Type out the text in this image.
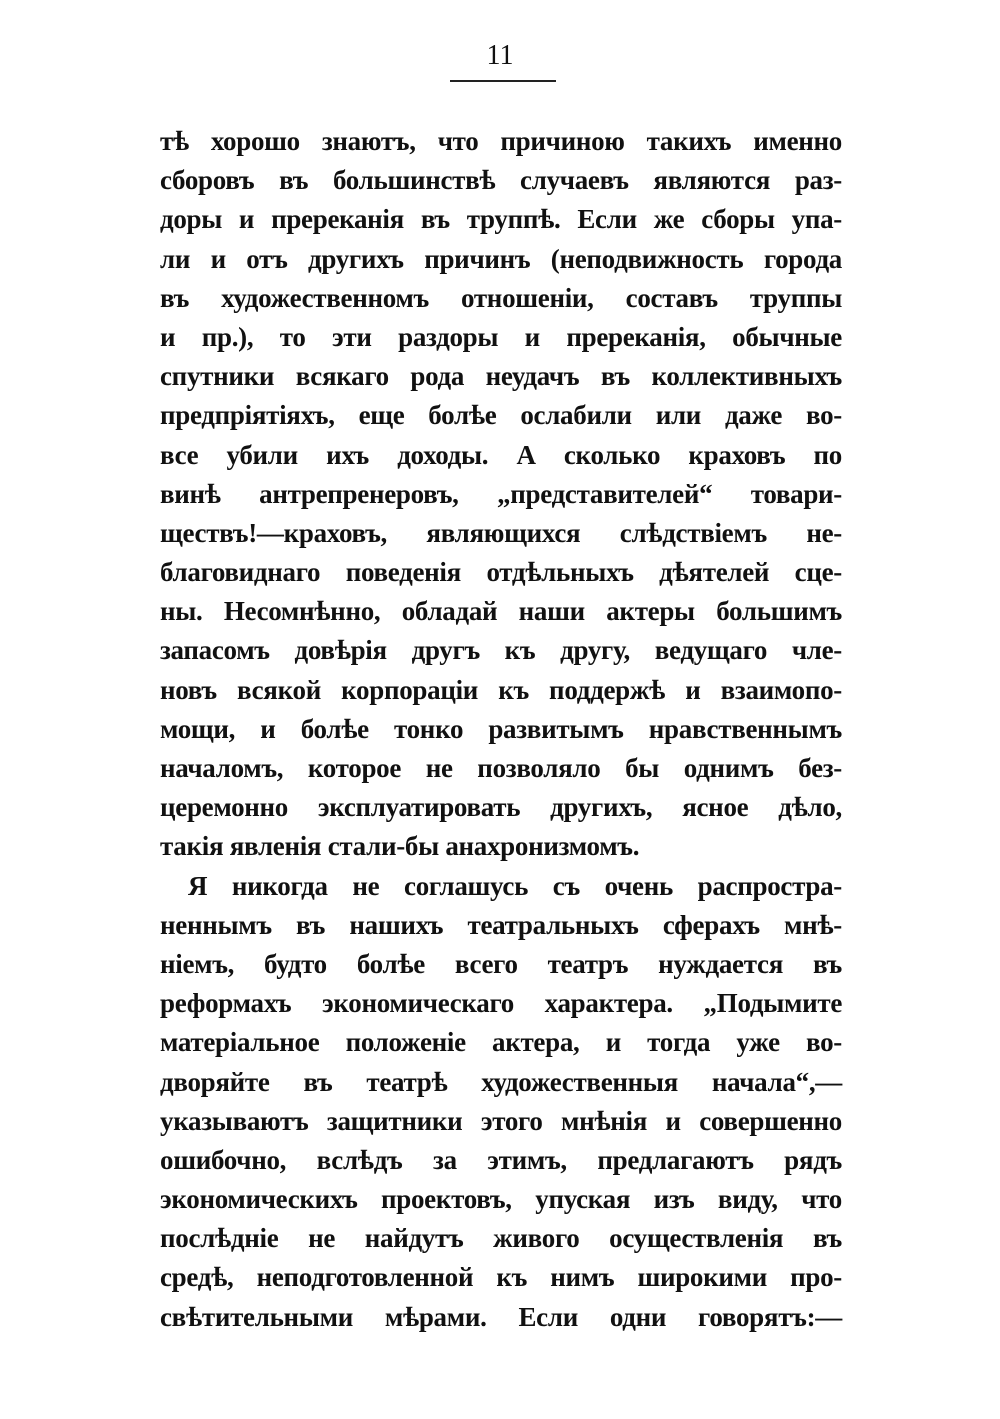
11
тѣ хорошо знаютъ, что причиною такихъ именно
сборовъ въ большинствѣ случаевъ являются раз-
доры и пререканія въ труппѣ. Если же сборы упа-
ли и отъ другихъ причинъ (неподвижность города
въ художественномъ отношеніи, составъ труппы
и пр.), то эти раздоры и пререканія, обычные
спутники всякаго рода неудачъ въ коллективныхъ
предпріятіяхъ, еще болѣе ослабили или даже во-
все убили ихъ доходы. А сколько краховъ по
винѣ антрепренеровъ, „представителей“ товари-
ществъ!—краховъ, являющихся слѣдствіемъ не-
благовиднаго поведенія отдѣльныхъ дѣятелей сце-
ны. Несомнѣнно, обладай наши актеры большимъ
запасомъ довѣрія другъ къ другу, ведущаго чле-
новъ всякой корпораціи къ поддержѣ и взаимопо-
мощи, и болѣе тонко развитымъ нравственнымъ
началомъ, которое не позволяло бы однимъ без-
церемонно эксплуатировать другихъ, ясное дѣло,
такія явленія стали-бы анахронизмомъ.
Я никогда не соглашусь съ очень распростра-
неннымъ въ нашихъ театральныхъ сферахъ мнѣ-
ніемъ, будто болѣе всего театръ нуждается въ
реформахъ экономическаго характера. „Подымите
матеріальное положеніе актера, и тогда уже во-
дворяйте въ театрѣ художественныя начала“,—
указываютъ защитники этого мнѣнія и совершенно
ошибочно, вслѣдъ за этимъ, предлагаютъ рядъ
экономическихъ проектовъ, упуская изъ виду, что
послѣдніе не найдутъ живого осуществленія въ
средѣ, неподготовленной къ нимъ широкими про-
свѣтительными мѣрами. Если одни говорятъ:—
